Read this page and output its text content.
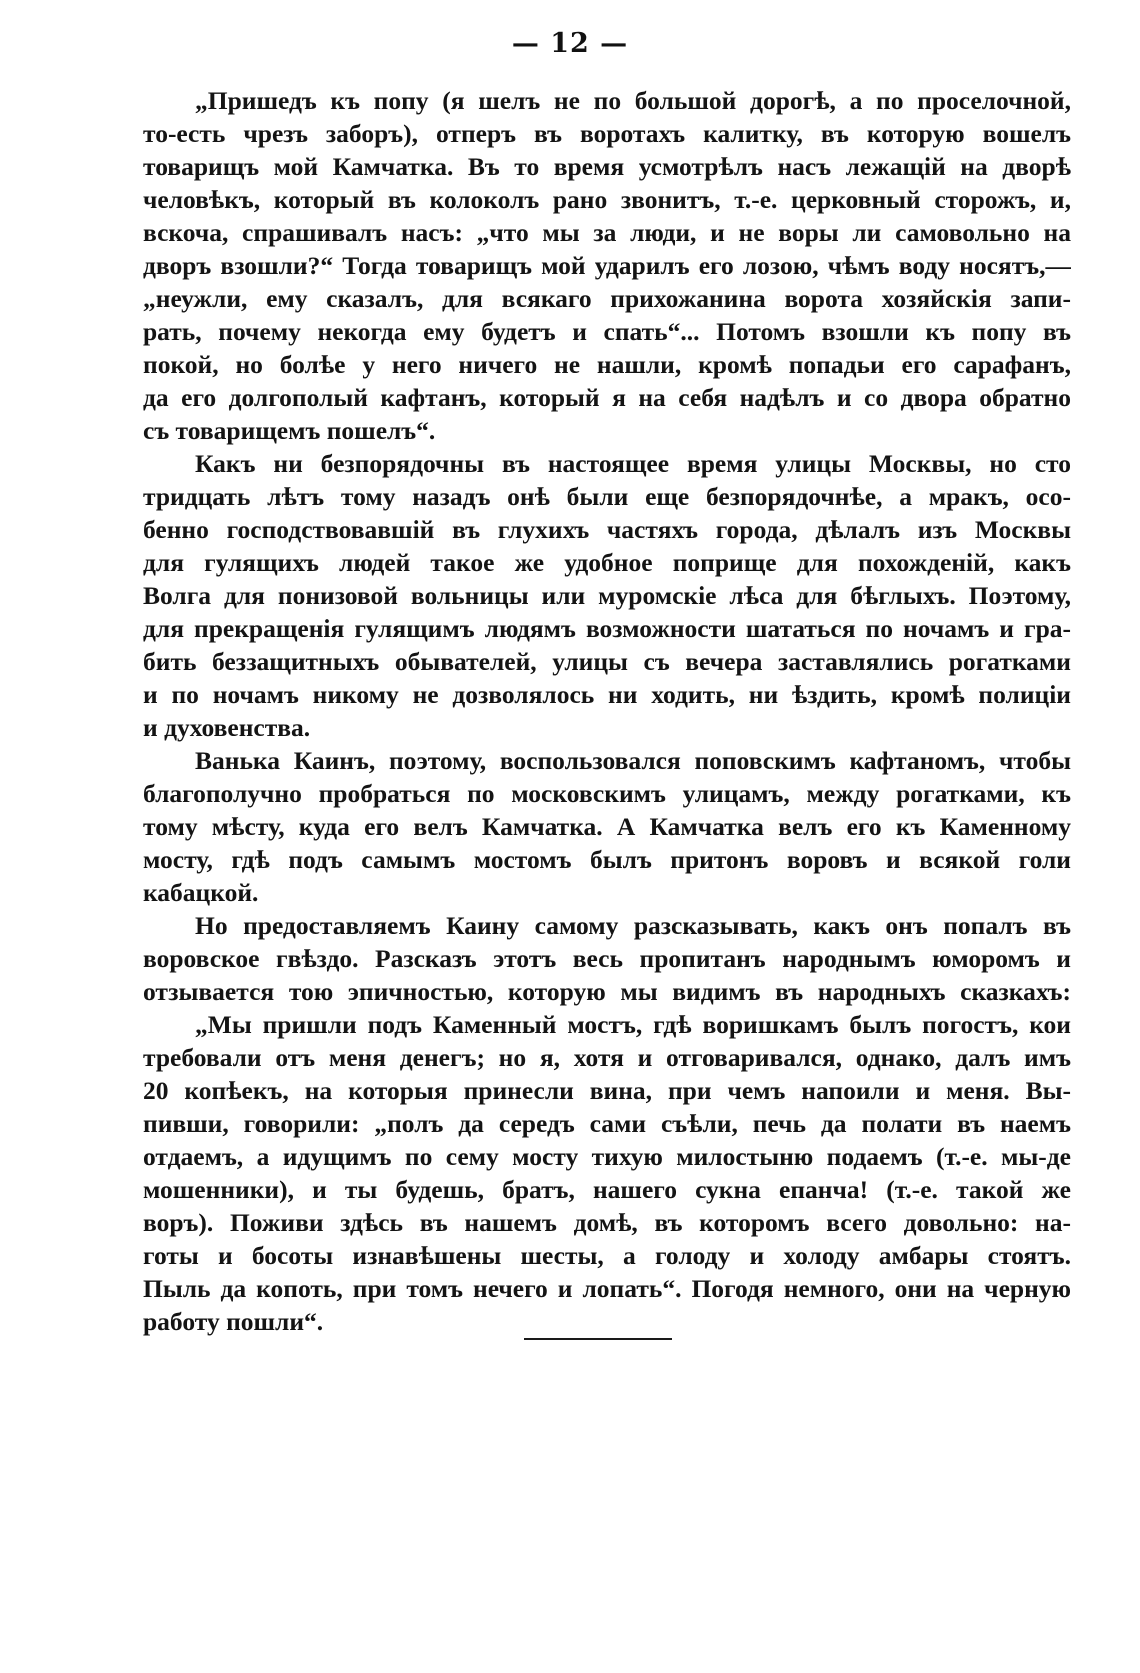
— 12 —
„Пришедъ къ попу (я шелъ не по большой дорогѣ, а по проселочной,
то-есть чрезъ заборъ), отперъ въ воротахъ калитку, въ которую вошелъ
товарищъ мой Камчатка. Въ то время усмотрѣлъ насъ лежащій на дворѣ
человѣкъ, который въ колоколъ рано звонитъ, т.-е. церковный сторожъ, и,
вскоча, спрашивалъ насъ: „что мы за люди, и не воры ли самовольно на
дворъ взошли?“ Тогда товарищъ мой ударилъ его лозою, чѣмъ воду носятъ,—
„неужли, ему сказалъ, для всякаго прихожанина ворота хозяйскія запи-
рать, почему некогда ему будетъ и спать“... Потомъ взошли къ попу въ
покой, но болѣе у него ничего не нашли, кромѣ попадьи его сарафанъ,
да его долгополый кафтанъ, который я на себя надѣлъ и со двора обратно
съ товарищемъ пошелъ“.
Какъ ни безпорядочны въ настоящее время улицы Москвы, но сто
тридцать лѣтъ тому назадъ онѣ были еще безпорядочнѣе, а мракъ, осо-
бенно господствовавшій въ глухихъ частяхъ города, дѣлалъ изъ Москвы
для гулящихъ людей такое же удобное поприще для похожденій, какъ
Волга для понизовой вольницы или муромскіе лѣса для бѣглыхъ. Поэтому,
для прекращенія гулящимъ людямъ возможности шататься по ночамъ и гра-
бить беззащитныхъ обывателей, улицы съ вечера заставлялись рогатками
и по ночамъ никому не дозволялось ни ходить, ни ѣздить, кромѣ полиціи
и духовенства.
Ванька Каинъ, поэтому, воспользовался поповскимъ кафтаномъ, чтобы
благополучно пробраться по московскимъ улицамъ, между рогатками, къ
тому мѣсту, куда его велъ Камчатка. А Камчатка велъ его къ Каменному
мосту, гдѣ подъ самымъ мостомъ былъ притонъ воровъ и всякой голи
кабацкой.
Но предоставляемъ Каину самому разсказывать, какъ онъ попалъ въ
воровское гвѣздо. Разсказъ этотъ весь пропитанъ народнымъ юморомъ и
отзывается тою эпичностью, которую мы видимъ въ народныхъ сказкахъ:
„Мы пришли подъ Каменный мостъ, гдѣ воришкамъ былъ погостъ, кои
требовали отъ меня денегъ; но я, хотя и отговаривался, однако, далъ имъ
20 копѣекъ, на которыя принесли вина, при чемъ напоили и меня. Вы-
пивши, говорили: „полъ да середъ сами съѣли, печь да полати въ наемъ
отдаемъ, а идущимъ по сему мосту тихую милостыню подаемъ (т.-е. мы-де
мошенники), и ты будешь, братъ, нашего сукна епанча! (т.-е. такой же
воръ). Поживи здѣсь въ нашемъ домѣ, въ которомъ всего довольно: на-
готы и босоты изнавѣшены шесты, а голоду и холоду амбары стоятъ.
Пыль да копоть, при томъ нечего и лопать“. Погодя немного, они на черную
работу пошли“.
